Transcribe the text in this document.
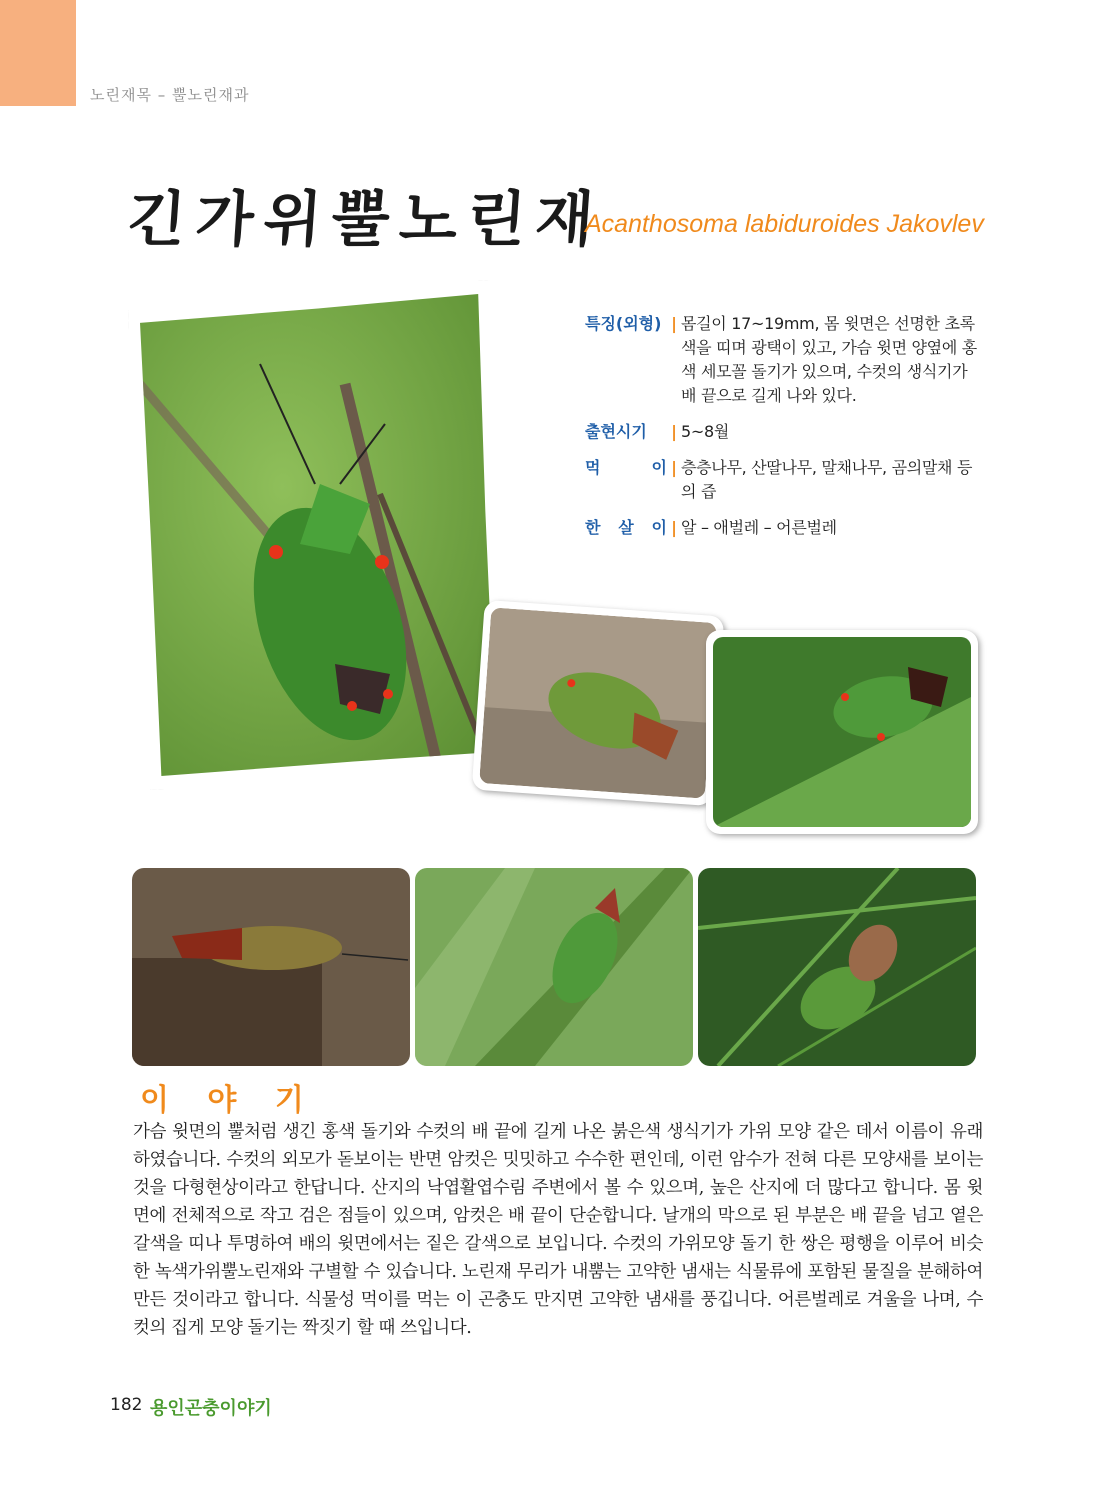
노린재목 – 뿔노린재과
긴가위뿔노린재
Acanthosoma labiduroides Jakovlev
특징(외형) | 몸길이 17~19mm, 몸 윗면은 선명한 초록색을 띠며 광택이 있고, 가슴 윗면 양옆에 홍색 세모꼴 돌기가 있으며, 수컷의 생식기가 배 끝으로 길게 나와 있다.
출현시기	| 5~8월
먹 이 | 층층나무, 산딸나무, 말채나무, 곰의말채 등의 즙
한 살 이 | 알 – 애벌레 – 어른벌레
이 야 기
가슴 윗면의 뿔처럼 생긴 홍색 돌기와 수컷의 배 끝에 길게 나온 붉은색 생식기가 가위 모양 같은 데서 이름이 유래하였습니다. 수컷의 외모가 돋보이는 반면 암컷은 밋밋하고 수수한 편인데, 이런 암수가 전혀 다른 모양새를 보이는 것을 다형현상이라고 한답니다. 산지의 낙엽활엽수림 주변에서 볼 수 있으며, 높은 산지에 더 많다고 합니다. 몸 윗면에 전체적으로 작고 검은 점들이 있으며, 암컷은 배 끝이 단순합니다. 날개의 막으로 된 부분은 배 끝을 넘고 옅은 갈색을 띠나 투명하여 배의 윗면에서는 짙은 갈색으로 보입니다. 수컷의 가위모양 돌기 한 쌍은 평행을 이루어 비슷한 녹색가위뿔노린재와 구별할 수 있습니다. 노린재 무리가 내뿜는 고약한 냄새는 식물류에 포함된 물질을 분해하여 만든 것이라고 합니다. 식물성 먹이를 먹는 이 곤충도 만지면 고약한 냄새를 풍깁니다. 어른벌레로 겨울을 나며, 수컷의 집게 모양 돌기는 짝짓기 할 때 쓰입니다.
182 용인곤충이야기
